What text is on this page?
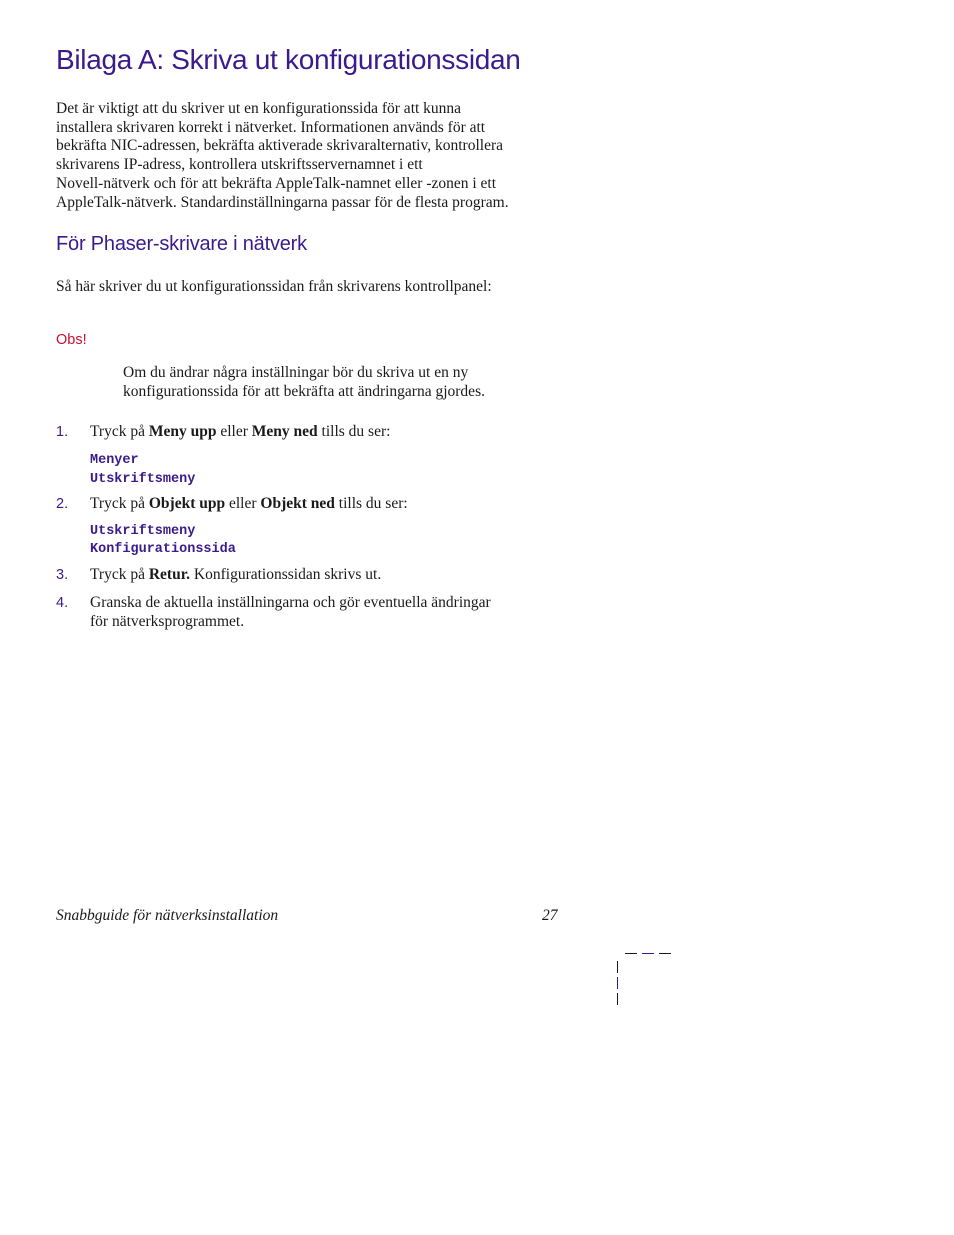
Bilaga A: Skriva ut konfigurationssidan
Det är viktigt att du skriver ut en konfigurationssida för att kunna
installera skrivaren korrekt i nätverket. Informationen används för att
bekräfta NIC-adressen, bekräfta aktiverade skrivaralternativ, kontrollera
skrivarens IP-adress, kontrollera utskriftsservernamnet i ett
Novell-nätverk och för att bekräfta AppleTalk-namnet eller -zonen i ett
AppleTalk-nätverk. Standardinställningarna passar för de flesta program.
För Phaser-skrivare i nätverk

Så här skriver du ut konfigurationssidan från skrivarens kontrollpanel:

Obs!
Om du ändrar några inställningar bör du skriva ut en ny
konfigurationssida för att bekräfta att ändringarna gjordes.
1. Tryck på Meny upp eller Meny ned tills du ser:
Menyer
Utskriftsmeny
2. Tryck på Objekt upp eller Objekt ned tills du ser:
Utskriftsmeny
Konfigurationssida
3. Tryck på Retur. Konfigurationssidan skrivs ut.
4. Granska de aktuella inställningarna och gör eventuella ändringar
för nätverksprogrammet.
Snabbguide för nätverksinstallation	27
